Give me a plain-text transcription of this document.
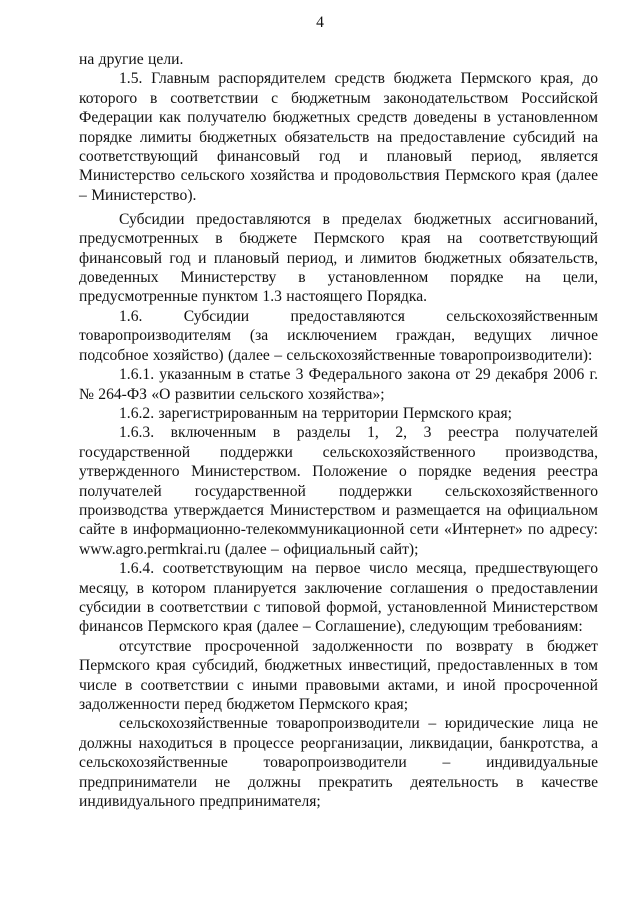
4

на другие цели.

1.5. Главным распорядителем средств бюджета Пермского края, до которого в соответствии с бюджетным законодательством Российской Федерации как получателю бюджетных средств доведены в установленном порядке лимиты бюджетных обязательств на предоставление субсидий на соответствующий финансовый год и плановый период, является Министерство сельского хозяйства и продовольствия Пермского края (далее – Министерство).

Субсидии предоставляются в пределах бюджетных ассигнований, предусмотренных в бюджете Пермского края на соответствующий финансовый год и плановый период, и лимитов бюджетных обязательств, доведенных Министерству в установленном порядке на цели, предусмотренные пунктом 1.3 настоящего Порядка.

1.6. Субсидии предоставляются сельскохозяйственным товаропроизводителям (за исключением граждан, ведущих личное подсобное хозяйство) (далее – сельскохозяйственные товаропроизводители):

1.6.1. указанным в статье 3 Федерального закона от 29 декабря 2006 г. № 264-ФЗ «О развитии сельского хозяйства»;

1.6.2. зарегистрированным на территории Пермского края;

1.6.3. включенным в разделы 1, 2, 3 реестра получателей государственной поддержки сельскохозяйственного производства, утвержденного Министерством. Положение о порядке ведения реестра получателей государственной поддержки сельскохозяйственного производства утверждается Министерством и размещается на официальном сайте в информационно-телекоммуникационной сети «Интернет» по адресу: www.agro.permkrai.ru (далее – официальный сайт);

1.6.4. соответствующим на первое число месяца, предшествующего месяцу, в котором планируется заключение соглашения о предоставлении субсидии в соответствии с типовой формой, установленной Министерством финансов Пермского края (далее – Соглашение), следующим требованиям:

отсутствие просроченной задолженности по возврату в бюджет Пермского края субсидий, бюджетных инвестиций, предоставленных в том числе в соответствии с иными правовыми актами, и иной просроченной задолженности перед бюджетом Пермского края;

сельскохозяйственные товаропроизводители – юридические лица не должны находиться в процессе реорганизации, ликвидации, банкротства, а сельскохозяйственные товаропроизводители – индивидуальные предприниматели не должны прекратить деятельность в качестве индивидуального предпринимателя;
